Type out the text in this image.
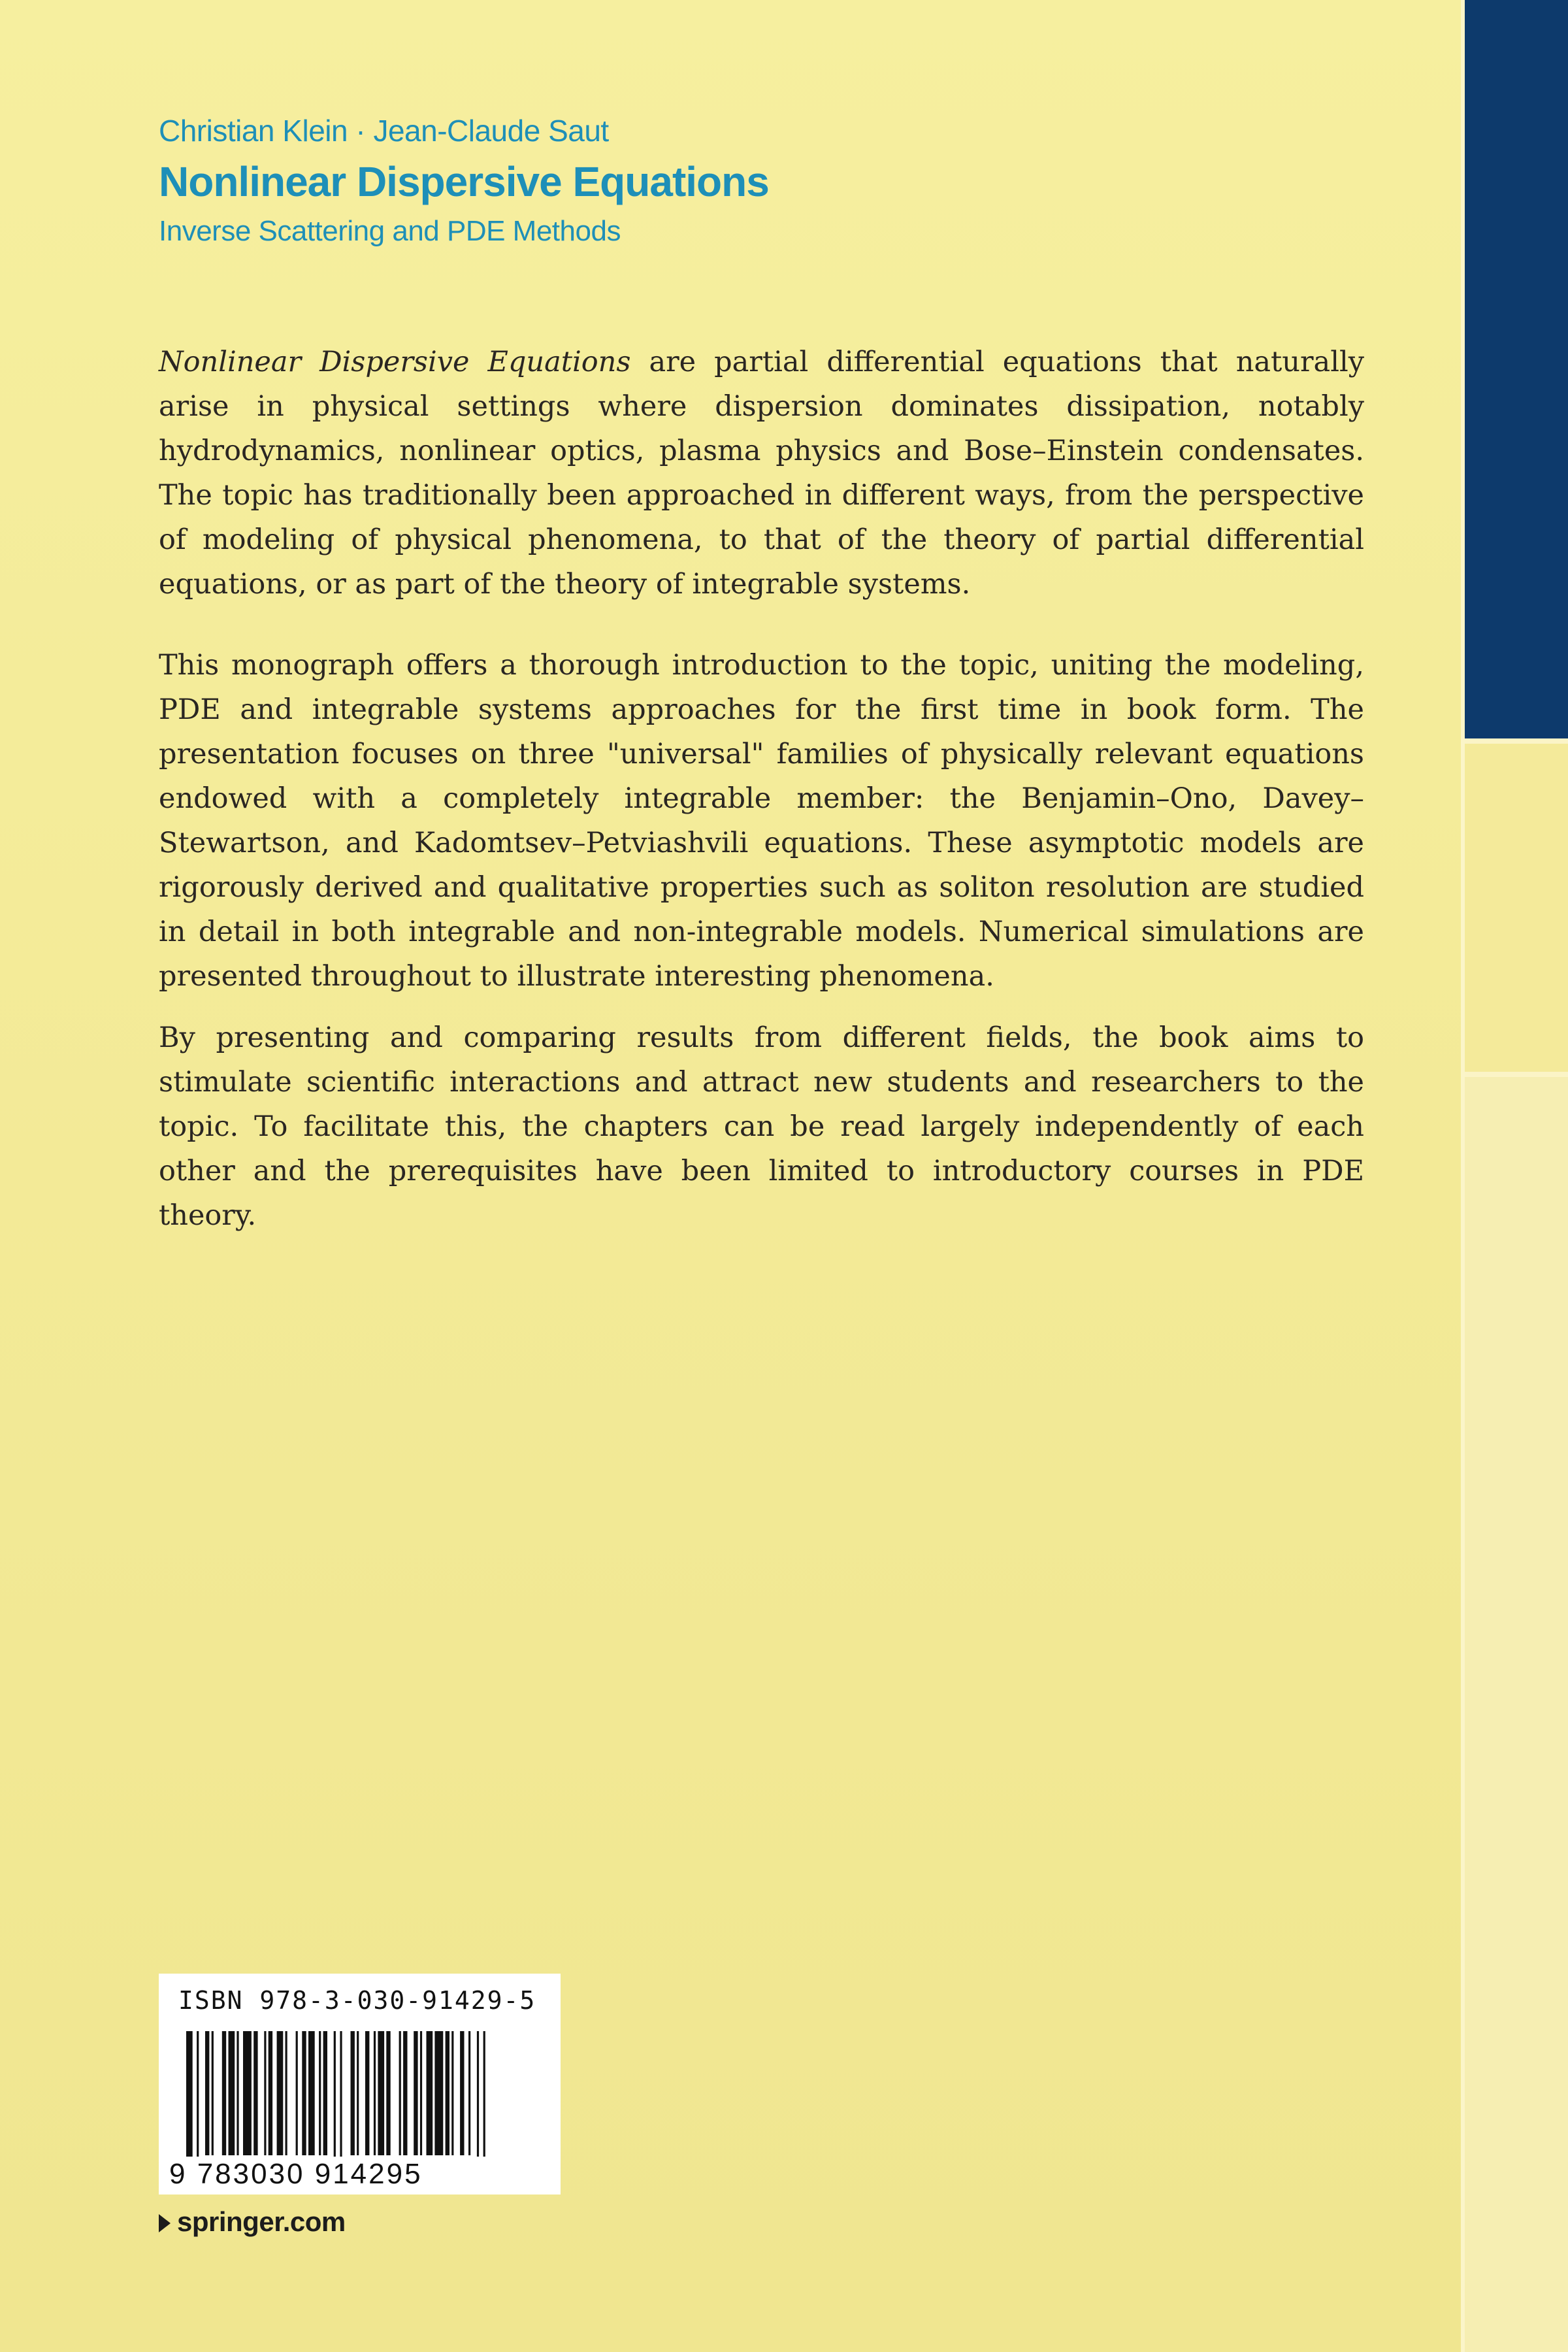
Christian Klein · Jean-Claude Saut
Nonlinear Dispersive Equations
Inverse Scattering and PDE Methods

Nonlinear Dispersive Equations are partial differential equations that naturally arise in physical settings where dispersion dominates dissipation, notably hydrodynamics, nonlinear optics, plasma physics and Bose–Einstein condensates. The topic has traditionally been approached in different ways, from the perspective of modeling of physical phenomena, to that of the theory of partial differential equations, or as part of the theory of integrable systems.

This monograph offers a thorough introduction to the topic, uniting the modeling, PDE and integrable systems approaches for the first time in book form. The presentation focuses on three "universal" families of physically relevant equations endowed with a completely integrable member: the Benjamin–Ono, Davey–Stewartson, and Kadomtsev–Petviashvili equations. These asymptotic models are rigorously derived and qualitative properties such as soliton resolution are studied in detail in both integrable and non-integrable models. Numerical simulations are presented throughout to illustrate interesting phenomena.

By presenting and comparing results from different fields, the book aims to stimulate scientific interactions and attract new students and researchers to the topic. To facilitate this, the chapters can be read largely independently of each other and the prerequisites have been limited to introductory courses in PDE theory.

ISBN 978-3-030-91429-5
9 783030 914295
springer.com
